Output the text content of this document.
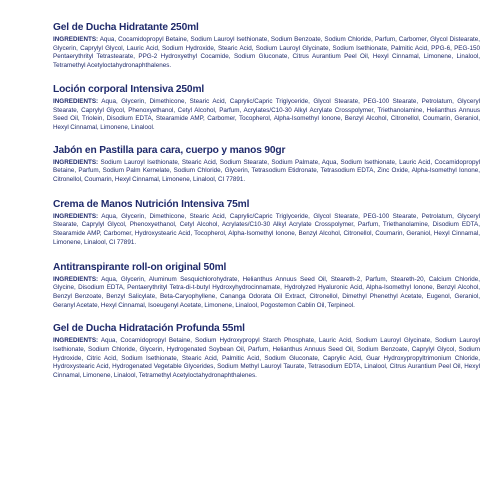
Gel de Ducha Hidratante 250ml

INGREDIENTS: Aqua, Cocamidopropyl Betaine, Sodium Lauroyl Isethionate, Sodium Benzoate, Sodium Chloride, Parfum, Carbomer, Glycol Distearate, Glycerin, Caprylyl Glycol, Lauric Acid, Sodium Hydroxide, Stearic Acid, Sodium Lauroyl Glycinate, Sodium Isethionate, Palmitic Acid, PPG-6, PEG-150 Pentaerythrityl Tetrastearate, PPG-2 Hydroxyethyl Cocamide, Sodium Gluconate, Citrus Aurantium Peel Oil, Hexyl Cinnamal, Limonene, Linalool, Tetramethyl Acetyloctahydronaphthalenes.

Loción corporal Intensiva 250ml

INGREDIENTS: Aqua, Glycerin, Dimethicone, Stearic Acid, Caprylic/Capric Triglyceride, Glycol Stearate, PEG-100 Stearate, Petrolatum, Glyceryl Stearate, Caprylyl Glycol, Phenoxyethanol, Cetyl Alcohol, Parfum, Acrylates/C10-30 Alkyl Acrylate Crosspolymer, Triethanolamine, Helianthus Annuus Seed Oil, Triolein, Disodium EDTA, Stearamide AMP, Carbomer, Tocopherol, Alpha-Isomethyl Ionone, Benzyl Alcohol, Citronellol, Coumarin, Geraniol, Hexyl Cinnamal, Limonene, Linalool.

Jabón en Pastilla para cara, cuerpo y manos 90gr

INGREDIENTS: Sodium Lauroyl Isethionate, Stearic Acid, Sodium Stearate, Sodium Palmate, Aqua, Sodium Isethionate, Lauric Acid, Cocamidopropyl Betaine, Parfum, Sodium Palm Kernelate, Sodium Chloride, Glycerin, Tetrasodium Etidronate, Tetrasodium EDTA, Zinc Oxide, Alpha-Isomethyl Ionone, Citronellol, Coumarin, Hexyl Cinnamal, Limonene, Linalool, CI 77891.

Crema de Manos Nutrición Intensiva 75ml

INGREDIENTS: Aqua, Glycerin, Dimethicone, Stearic Acid, Caprylic/Capric Triglyceride, Glycol Stearate, PEG-100 Stearate, Petrolatum, Glyceryl Stearate, Caprylyl Glycol, Phenoxyethanol, Cetyl Alcohol, Acrylates/C10-30 Alkyl Acrylate Crosspolymer, Parfum, Triethanolamine, Disodium EDTA, Stearamide AMP, Carbomer, Hydroxystearic Acid, Tocopherol, Alpha-Isomethyl Ionone, Benzyl Alcohol, Citronellol, Coumarin, Geraniol, Hexyl Cinnamal, Limonene, Linalool, CI 77891.

Antitranspirante roll-on original 50ml

INGREDIENTS: Aqua, Glycerin, Aluminum Sesquichlorohydrate, Helianthus Annuus Seed Oil, Steareth-2, Parfum, Steareth-20, Calcium Chloride, Glycine, Disodium EDTA, Pentaerythrityl Tetra-di-t-butyl Hydroxyhydrocinnamate, Hydrolyzed Hyaluronic Acid, Alpha-Isomethyl Ionone, Benzyl Alcohol, Benzyl Benzoate, Benzyl Salicylate, Beta-Caryophyllene, Cananga Odorata Oil Extract, Citronellol, Dimethyl Phenethyl Acetate, Eugenol, Geraniol, Geranyl Acetate, Hexyl Cinnamal, Isoeugenyl Acetate, Limonene, Linalool, Pogostemon Cablin Oil, Terpineol.

Gel de Ducha Hidratación Profunda 55ml

INGREDIENTS: Aqua, Cocamidopropyl Betaine, Sodium Hydroxypropyl Starch Phosphate, Lauric Acid, Sodium Lauroyl Glycinate, Sodium Lauroyl Isethionate, Sodium Chloride, Glycerin, Hydrogenated Soybean Oil, Parfum, Helianthus Annuus Seed Oil, Sodium Benzoate, Caprylyl Glycol, Sodium Hydroxide, Citric Acid, Sodium Isethionate, Stearic Acid, Palmitic Acid, Sodium Gluconate, Caprylic Acid, Guar Hydroxypropyltrimonium Chloride, Hydroxystearic Acid, Hydrogenated Vegetable Glycerides, Sodium Methyl Lauroyl Taurate, Tetrasodium EDTA, Linalool, Citrus Aurantium Peel Oil, Hexyl Cinnamal, Limonene, Linalool, Tetramethyl Acetyloctahydronaphthalenes.
